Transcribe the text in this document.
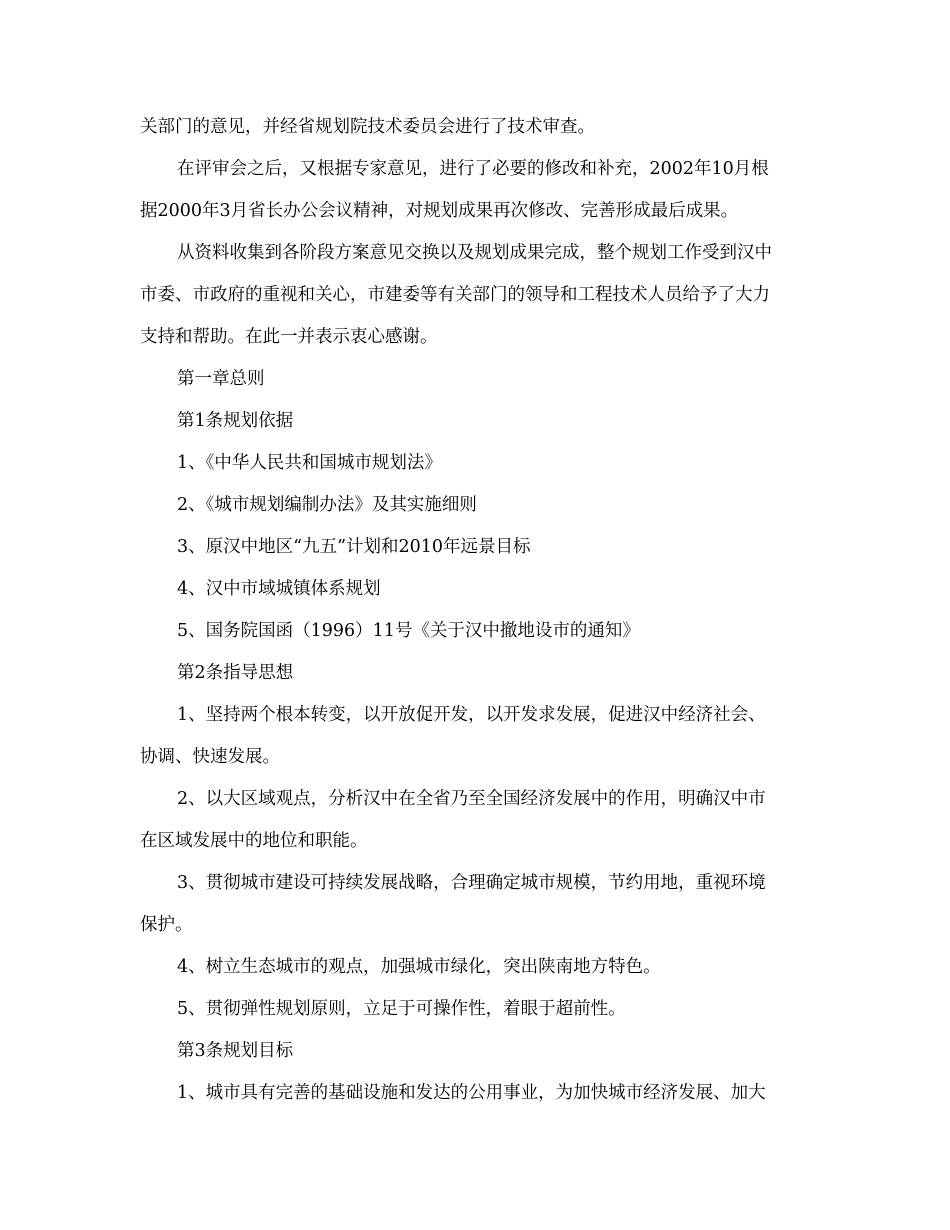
关部门的意见，并经省规划院技术委员会进行了技术审查。

在评审会之后，又根据专家意见，进行了必要的修改和补充，2002年10月根

据2000年3月省长办公会议精神，对规划成果再次修改、完善形成最后成果。

从资料收集到各阶段方案意见交换以及规划成果完成，整个规划工作受到汉中

市委、市政府的重视和关心，市建委等有关部门的领导和工程技术人员给予了大力

支持和帮助。在此一并表示衷心感谢。

第一章总则

第1条规划依据

1、《中华人民共和国城市规划法》

2、《城市规划编制办法》及其实施细则

3、原汉中地区“九五”计划和2010年远景目标

4、汉中市域城镇体系规划

5、国务院国函（1996）11号《关于汉中撤地设市的通知》

第2条指导思想

1、坚持两个根本转变，以开放促开发，以开发求发展，促进汉中经济社会、

协调、快速发展。

2、以大区域观点，分析汉中在全省乃至全国经济发展中的作用，明确汉中市

在区域发展中的地位和职能。

3、贯彻城市建设可持续发展战略，合理确定城市规模，节约用地，重视环境

保护。

4、树立生态城市的观点，加强城市绿化，突出陕南地方特色。

5、贯彻弹性规划原则，立足于可操作性，着眼于超前性。

第3条规划目标

1、城市具有完善的基础设施和发达的公用事业，为加快城市经济发展、加大
